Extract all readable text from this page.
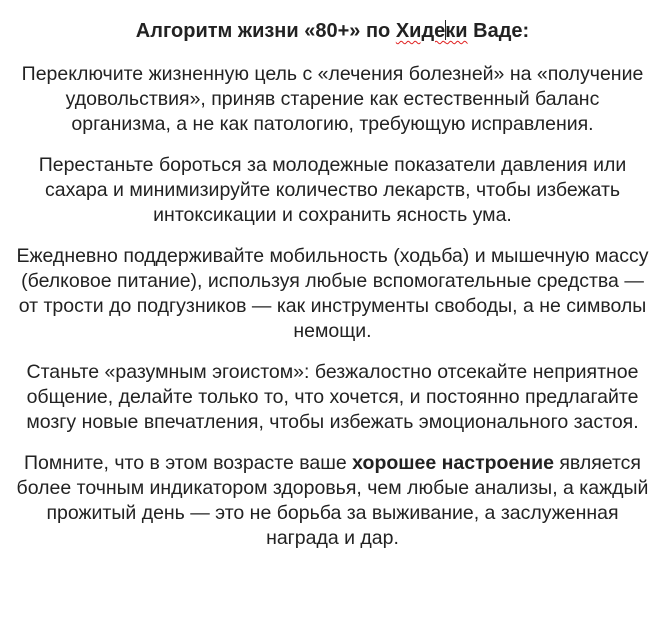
Алгоритм жизни «80+» по Хидеки Ваде:

Переключите жизненную цель с «лечения болезней» на «получение удовольствия», приняв старение как естественный баланс организма, а не как патологию, требующую исправления.

Перестаньте бороться за молодежные показатели давления или сахара и минимизируйте количество лекарств, чтобы избежать интоксикации и сохранить ясность ума.

Ежедневно поддерживайте мобильность (ходьба) и мышечную массу (белковое питание), используя любые вспомогательные средства — от трости до подгузников — как инструменты свободы, а не символы немощи.

Станьте «разумным эгоистом»: безжалостно отсекайте неприятное общение, делайте только то, что хочется, и постоянно предлагайте мозгу новые впечатления, чтобы избежать эмоционального застоя.

Помните, что в этом возрасте ваше хорошее настроение является более точным индикатором здоровья, чем любые анализы, а каждый прожитый день — это не борьба за выживание, а заслуженная награда и дар.
